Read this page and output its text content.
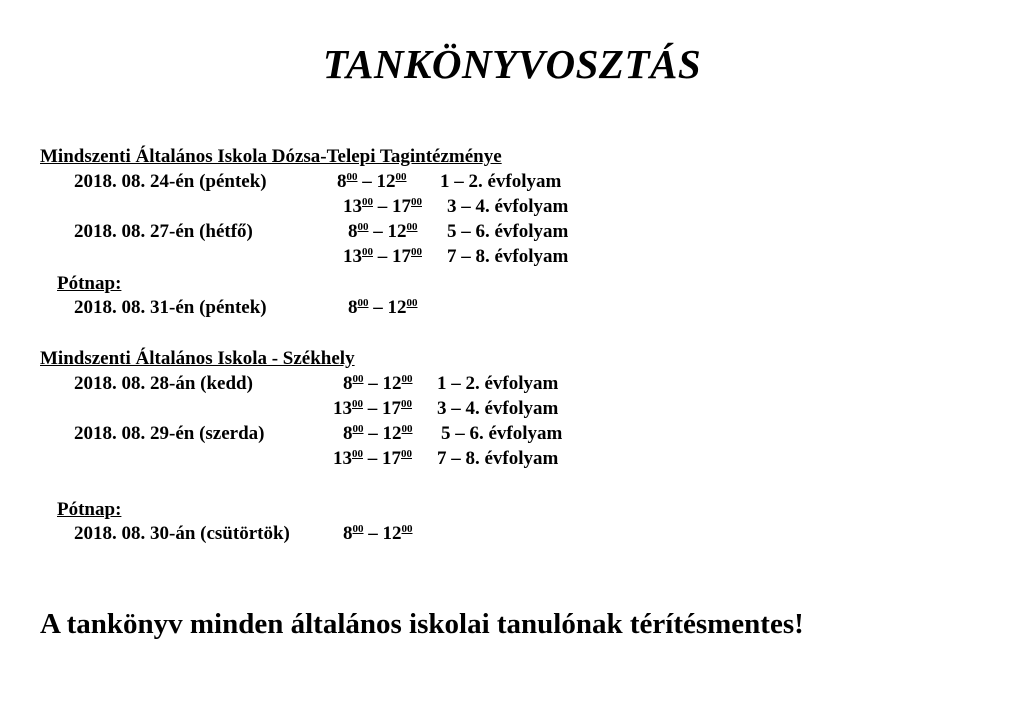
TANKÖNYVOSZTÁS
Mindszenti Általános Iskola Dózsa-Telepi Tagintézménye
2018. 08. 24-én (péntek)	$8^{00} - 12^{00}$ 1 – 2. évfolyam
$13^{00} - 17^{00}$ 3 – 4. évfolyam
2018. 08. 27-én (hétfő)	$8^{00} - 12^{00}$ 5 – 6. évfolyam
$13^{00} - 17^{00}$ 7 – 8. évfolyam
Pótnap:
2018. 08. 31-én (péntek)	$8^{00} - 12^{00}$
Mindszenti Általános Iskola - Székhely
2018. 08. 28-án (kedd)	$8^{00} - 12^{00}$ 1 – 2. évfolyam
$13^{00} - 17^{00}$ 3 – 4. évfolyam
2018. 08. 29-én (szerda)	$8^{00} - 12^{00}$ 5 – 6. évfolyam
$13^{00} - 17^{00}$ 7 – 8. évfolyam
Pótnap:
2018. 08. 30-án (csütörtök)	$8^{00} - 12^{00}$
A tankönyv minden általános iskolai tanulónak térítésmentes!
